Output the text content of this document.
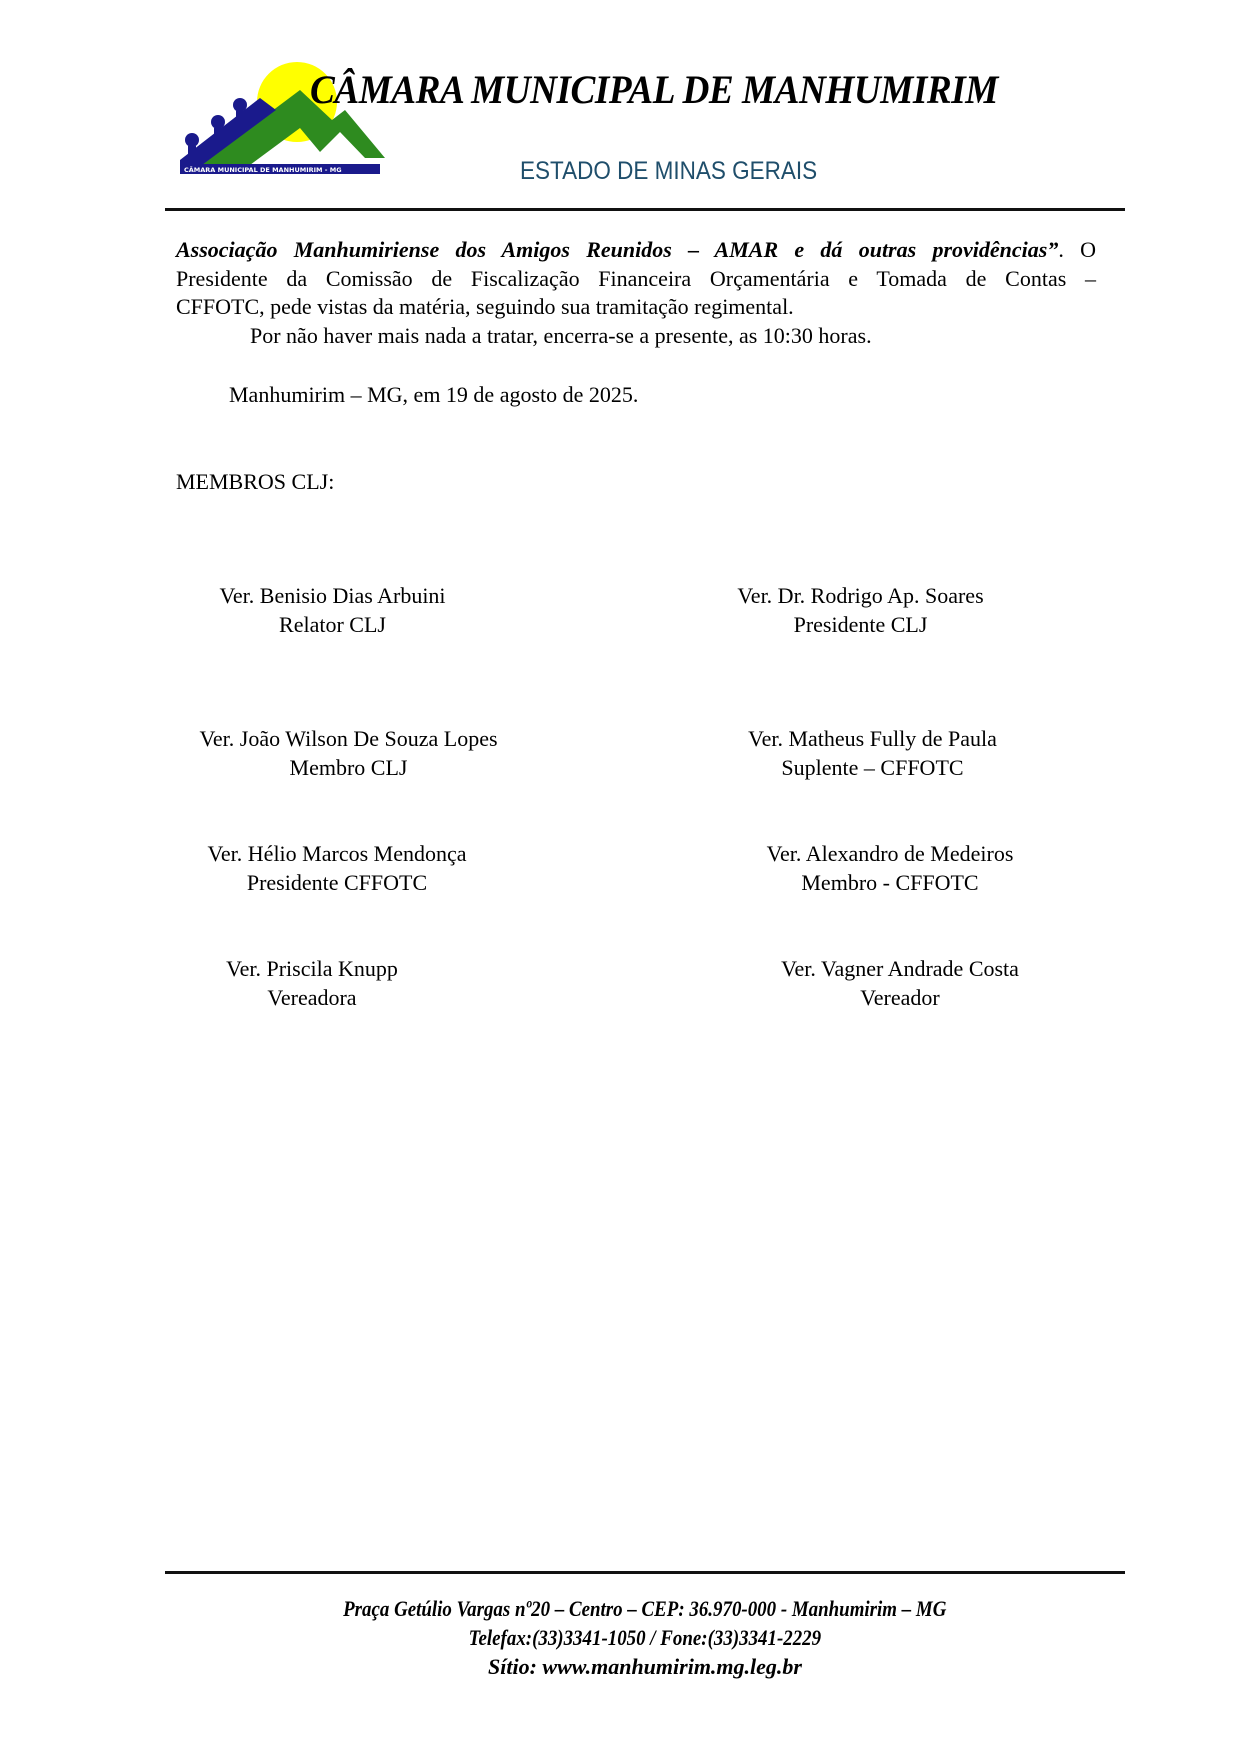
CÂMARA MUNICIPAL DE MANHUMIRIM - MG
CÂMARA MUNICIPAL DE MANHUMIRIM
ESTADO DE MINAS GERAIS
Associação Manhumiriense dos Amigos Reunidos – AMAR e dá outras providências”. O
Presidente da Comissão de Fiscalização Financeira Orçamentária e Tomada de Contas –
CFFOTC, pede vistas da matéria, seguindo sua tramitação regimental.
Por não haver mais nada a tratar, encerra-se a presente, as 10:30 horas.
Manhumirim – MG, em 19 de agosto de 2025.
MEMBROS CLJ:
Ver. Benisio Dias Arbuini
Relator CLJ
Ver. Dr. Rodrigo Ap. Soares
Presidente CLJ
Ver. João Wilson De Souza Lopes
Membro CLJ
Ver. Matheus Fully de Paula
Suplente – CFFOTC
Ver. Hélio Marcos Mendonça
Presidente CFFOTC
Ver. Alexandro de Medeiros
Membro - CFFOTC
Ver. Priscila Knupp
Vereadora
Ver. Vagner Andrade Costa
Vereador
Praça Getúlio Vargas nº20 – Centro – CEP: 36.970-000 - Manhumirim – MG
Telefax:(33)3341-1050 / Fone:(33)3341-2229
Sítio: www.manhumirim.mg.leg.br
